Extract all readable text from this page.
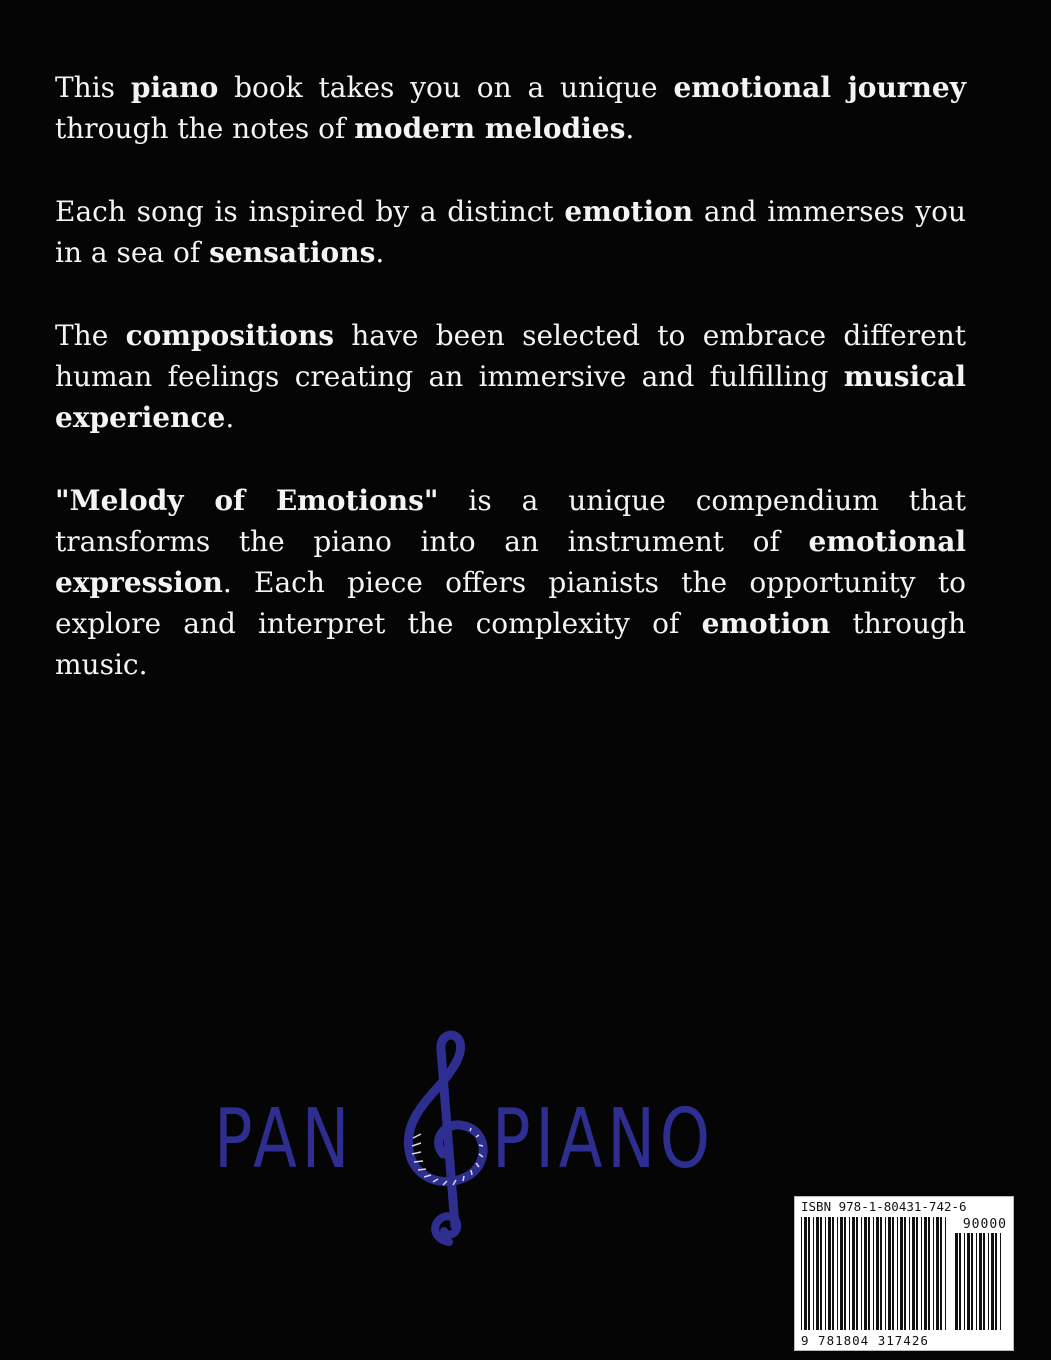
This piano book takes you on a unique emotional journey through the notes of modern melodies.

Each song is inspired by a distinct emotion and immerses you in a sea of sensations.

The compositions have been selected to embrace different human feelings creating an immersive and fulfilling musical experience.

"Melody of Emotions" is a unique compendium that transforms the piano into an instrument of emotional expression. Each piece offers pianists the opportunity to explore and interpret the complexity of emotion through music.

PAN PIANO
ISBN 978-1-80431-742-6
90000
9 781804 317426
